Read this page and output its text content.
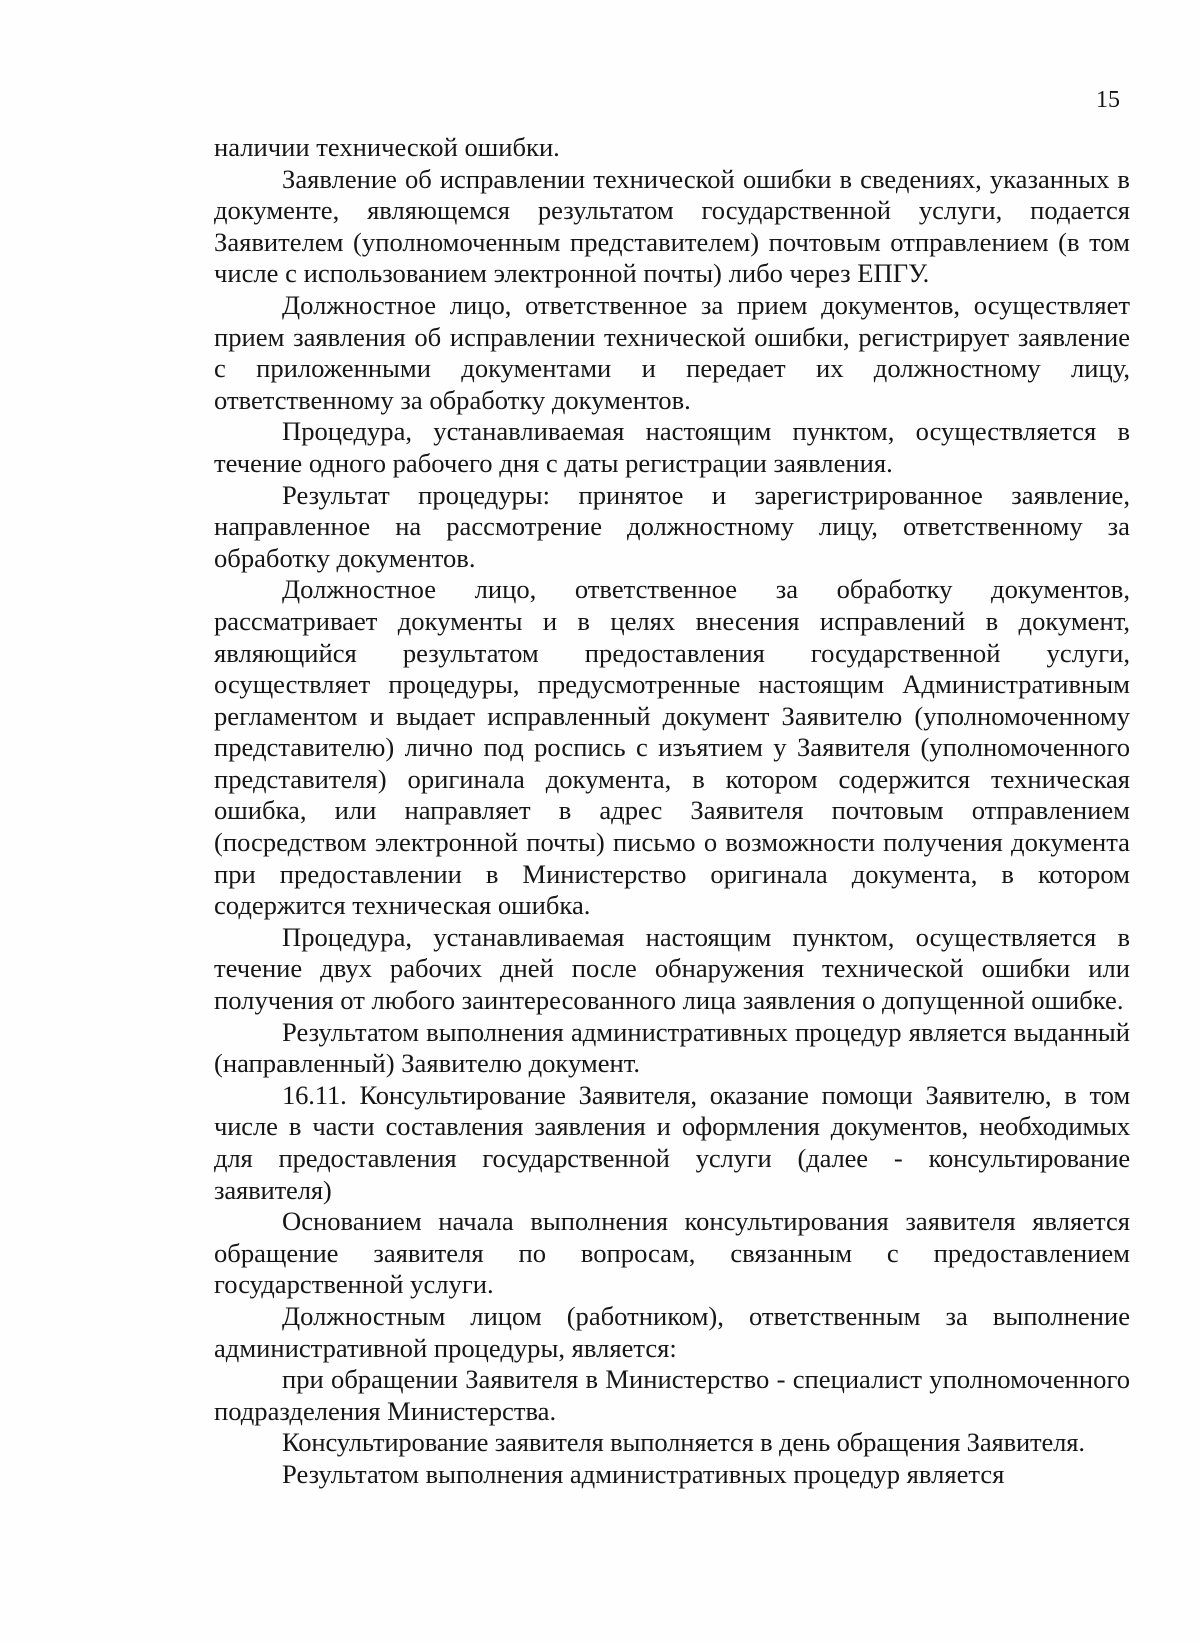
15

наличии технической ошибки.

Заявление об исправлении технической ошибки в сведениях, указанных в документе, являющемся результатом государственной услуги, подается Заявителем (уполномоченным представителем) почтовым отправлением (в том числе с использованием электронной почты) либо через ЕПГУ.

Должностное лицо, ответственное за прием документов, осуществляет прием заявления об исправлении технической ошибки, регистрирует заявление с приложенными документами и передает их должностному лицу, ответственному за обработку документов.

Процедура, устанавливаемая настоящим пунктом, осуществляется в течение одного рабочего дня с даты регистрации заявления.

Результат процедуры: принятое и зарегистрированное заявление, направленное на рассмотрение должностному лицу, ответственному за обработку документов.

Должностное лицо, ответственное за обработку документов, рассматривает документы и в целях внесения исправлений в документ, являющийся результатом предоставления государственной услуги, осуществляет процедуры, предусмотренные настоящим Административным регламентом и выдает исправленный документ Заявителю (уполномоченному представителю) лично под роспись с изъятием у Заявителя (уполномоченного представителя) оригинала документа, в котором содержится техническая ошибка, или направляет в адрес Заявителя почтовым отправлением (посредством электронной почты) письмо о возможности получения документа при предоставлении в Министерство оригинала документа, в котором содержится техническая ошибка.

Процедура, устанавливаемая настоящим пунктом, осуществляется в течение двух рабочих дней после обнаружения технической ошибки или получения от любого заинтересованного лица заявления о допущенной ошибке.

Результатом выполнения административных процедур является выданный (направленный) Заявителю документ.

16.11. Консультирование Заявителя, оказание помощи Заявителю, в том числе в части составления заявления и оформления документов, необходимых для предоставления государственной услуги (далее - консультирование заявителя)

Основанием начала выполнения консультирования заявителя является обращение заявителя по вопросам, связанным с предоставлением государственной услуги.

Должностным лицом (работником), ответственным за выполнение административной процедуры, является:

при обращении Заявителя в Министерство - специалист уполномоченного подразделения Министерства.

Консультирование заявителя выполняется в день обращения Заявителя.

Результатом выполнения административных процедур является
